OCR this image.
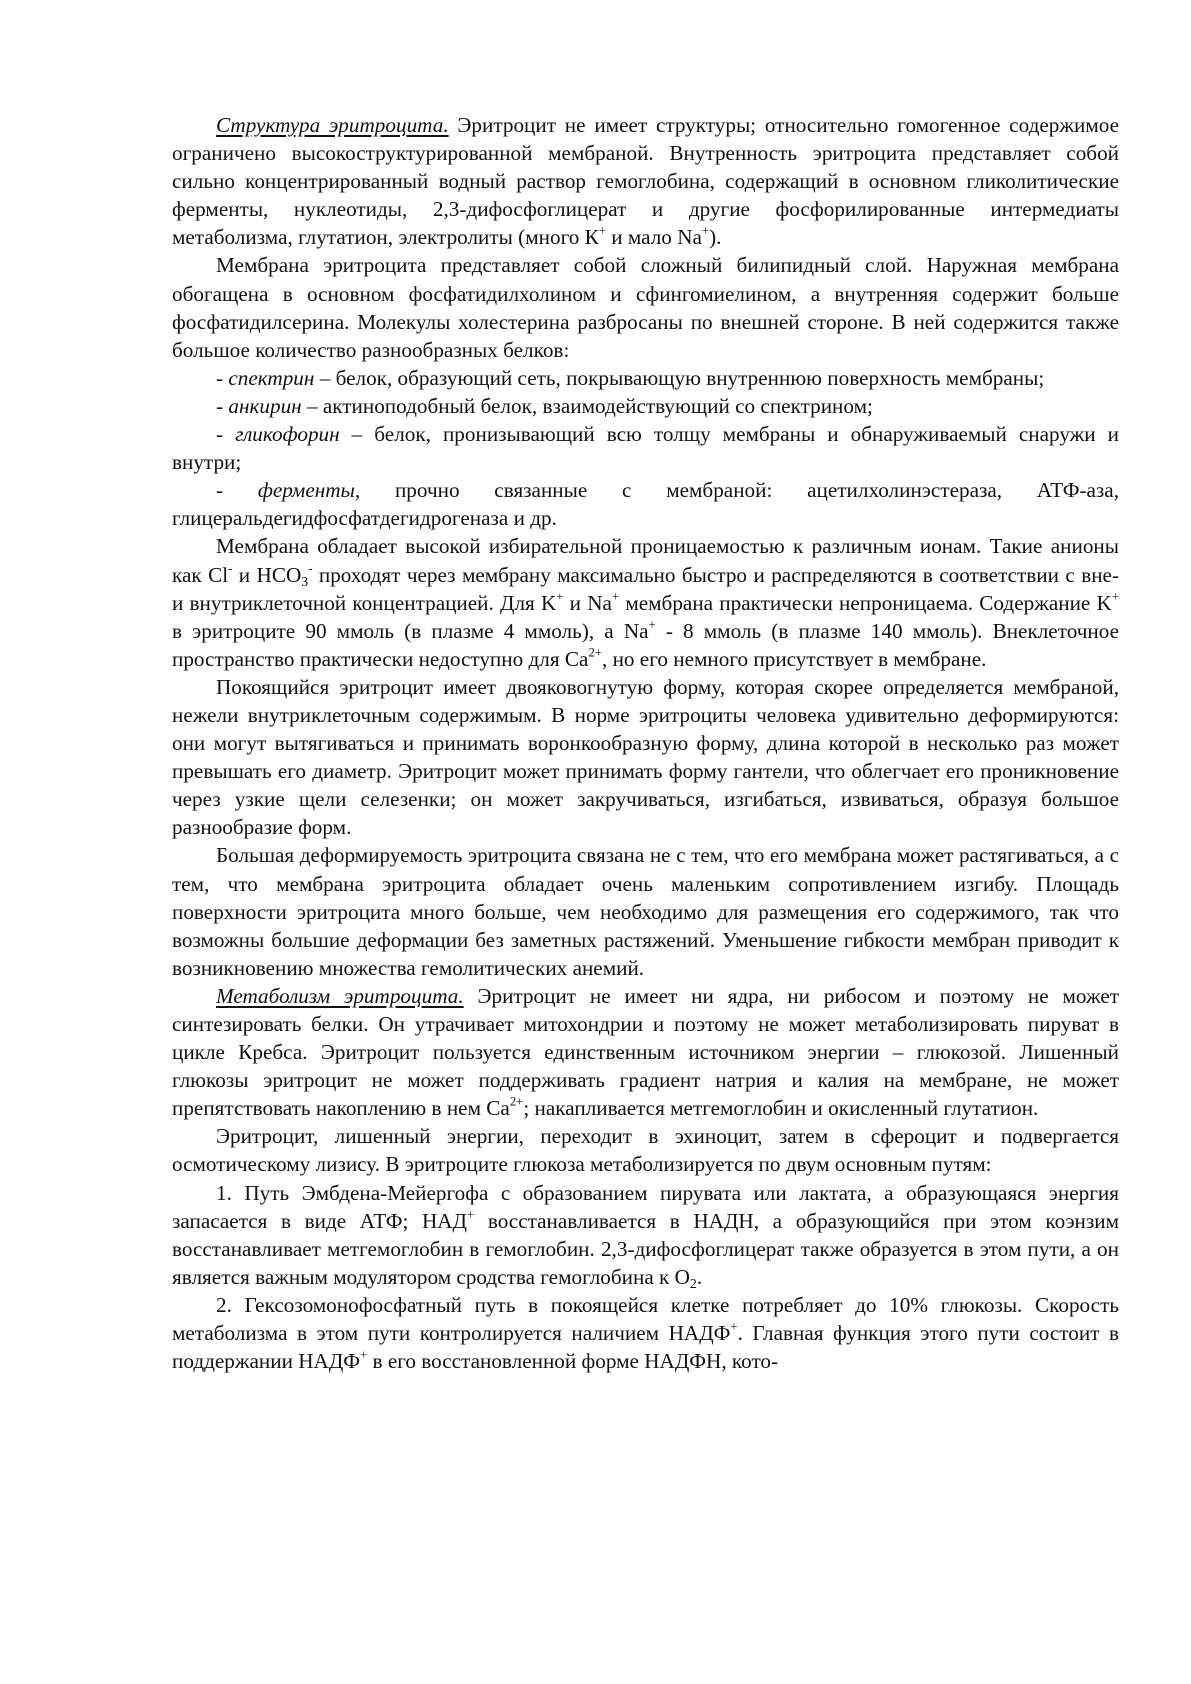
Структура эритроцита. Эритроцит не имеет структуры; относительно гомогенное содержимое ограничено высокоструктурированной мембраной. Внутренность эритроцита представляет собой сильно концентрированный водный раствор гемоглобина, содержащий в основном гликолитические ферменты, нуклеотиды, 2,3-дифосфоглицерат и другие фосфорилированные интермедиаты метаболизма, глутатион, электролиты (много К+ и мало Na+).

Мембрана эритроцита представляет собой сложный билипидный слой. Наружная мембрана обогащена в основном фосфатидилхолином и сфингомиелином, а внутренняя содержит больше фосфатидилсерина. Молекулы холестерина разбросаны по внешней стороне. В ней содержится также большое количество разнообразных белков:

- спектрин – белок, образующий сеть, покрывающую внутреннюю поверхность мембраны;

- анкирин – актиноподобный белок, взаимодействующий со спектрином;

- гликофорин – белок, пронизывающий всю толщу мембраны и обнаруживаемый снаружи и внутри;

- ферменты, прочно связанные с мембраной: ацетилхолинэстераза, АТФ-аза, глицеральдегидфосфатдегидрогеназа и др.

Мембрана обладает высокой избирательной проницаемостью к различным ионам. Такие анионы как Cl- и $HCO_3^-$ проходят через мембрану максимально быстро и распределяются в соответствии с вне- и внутриклеточной концентрацией. Для K+ и Na+ мембрана практически непроницаема. Содержание K+ в эритроците 90 ммоль (в плазме 4 ммоль), а Na+ - 8 ммоль (в плазме 140 ммоль). Внеклеточное пространство практически недоступно для $Са^{2+}$, но его немного присутствует в мембране.

Покоящийся эритроцит имеет двояковогнутую форму, которая скорее определяется мембраной, нежели внутриклеточным содержимым. В норме эритроциты человека удивительно деформируются: они могут вытягиваться и принимать воронкообразную форму, длина которой в несколько раз может превышать его диаметр. Эритроцит может принимать форму гантели, что облегчает его проникновение через узкие щели селезенки; он может закручиваться, изгибаться, извиваться, образуя большое разнообразие форм.

Большая деформируемость эритроцита связана не с тем, что его мембрана может растягиваться, а с тем, что мембрана эритроцита обладает очень маленьким сопротивлением изгибу. Площадь поверхности эритроцита много больше, чем необходимо для размещения его содержимого, так что возможны большие деформации без заметных растяжений. Уменьшение гибкости мембран приводит к возникновению множества гемолитических анемий.

Метаболизм эритроцита. Эритроцит не имеет ни ядра, ни рибосом и поэтому не может синтезировать белки. Он утрачивает митохондрии и поэтому не может метаболизировать пируват в цикле Кребса. Эритроцит пользуется единственным источником энергии – глюкозой. Лишенный глюкозы эритроцит не может поддерживать градиент натрия и калия на мембране, не может препятствовать накоплению в нем $Са^{2+}$; накапливается метгемоглобин и окисленный глутатион.

Эритроцит, лишенный энергии, переходит в эхиноцит, затем в сфероцит и подвергается осмотическому лизису. В эритроците глюкоза метаболизируется по двум основным путям:

1. Путь Эмбдена-Мейергофа с образованием пирувата или лактата, а образующаяся энергия запасается в виде АТФ; НАД+ восстанавливается в НАДН, а образующийся при этом коэнзим восстанавливает метгемоглобин в гемоглобин. 2,3-дифосфоглицерат также образуется в этом пути, а он является важным модулятором сродства гемоглобина к $O_2$.

2. Гексозомонофосфатный путь в покоящейся клетке потребляет до 10% глюкозы. Скорость метаболизма в этом пути контролируется наличием НАДФ+. Главная функция этого пути состоит в поддержании НАДФ+ в его восстановленной форме НАДФН, кото-
